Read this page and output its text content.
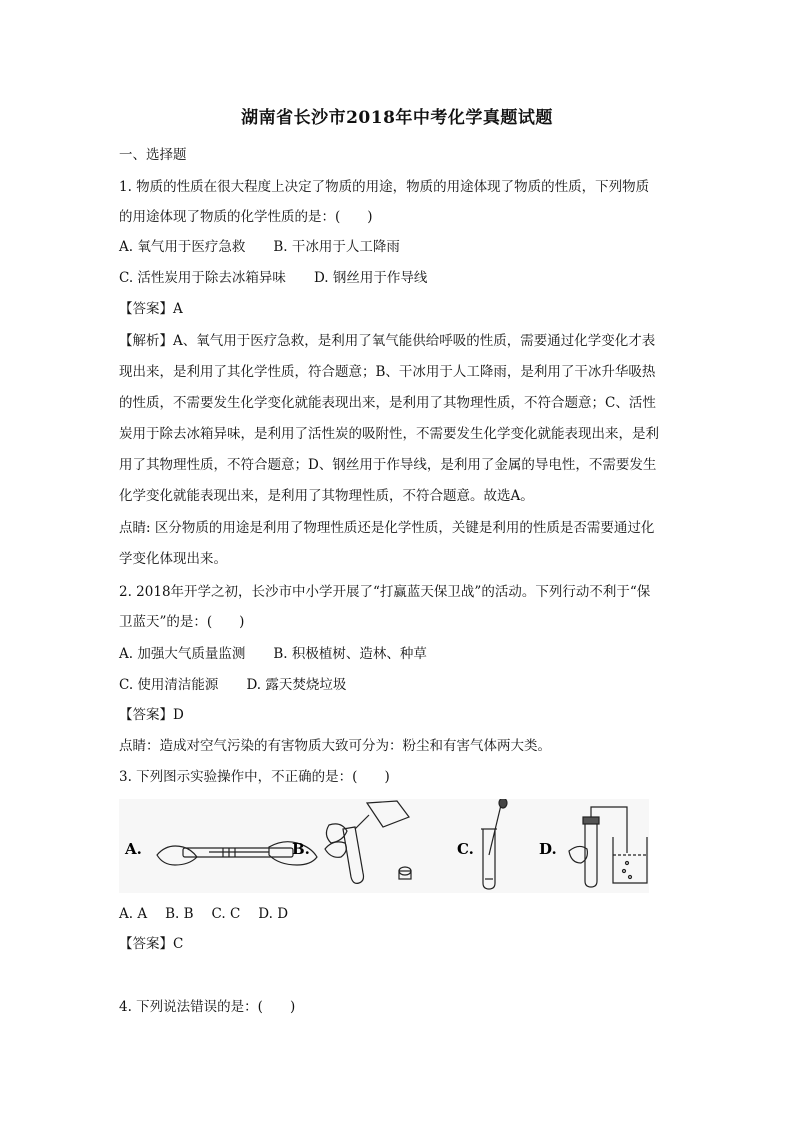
湖南省长沙市2018年中考化学真题试题
一、选择题
1. 物质的性质在很大程度上决定了物质的用途，物质的用途体现了物质的性质，下列物质
的用途体现了物质的化学性质的是：(　　)
A. 氧气用于医疗急救 B. 干冰用于人工降雨
C. 活性炭用于除去冰箱异味 D. 钢丝用于作导线
【答案】A
【解析】A、氧气用于医疗急救，是利用了氧气能供给呼吸的性质，需要通过化学变化才表
现出来，是利用了其化学性质，符合题意；B、干冰用于人工降雨，是利用了干冰升华吸热
的性质，不需要发生化学变化就能表现出来，是利用了其物理性质，不符合题意；C、活性
炭用于除去冰箱异味，是利用了活性炭的吸附性，不需要发生化学变化就能表现出来，是利
用了其物理性质，不符合题意；D、钢丝用于作导线，是利用了金属的导电性，不需要发生
化学变化就能表现出来，是利用了其物理性质，不符合题意。故选A。
点睛: 区分物质的用途是利用了物理性质还是化学性质，关键是利用的性质是否需要通过化
学变化体现出来。
2. 2018年开学之初，长沙市中小学开展了“打赢蓝天保卫战”的活动。下列行动不利于“保
卫蓝天”的是：(　　)
A. 加强大气质量监测 B. 积极植树、造林、种草
C. 使用清洁能源 D. 露天焚烧垃圾
【答案】D
点睛：造成对空气污染的有害物质大致可分为：粉尘和有害气体两大类。
3. 下列图示实验操作中，不正确的是：(　　)
A.	B.	C.	D.
A. A B. B C. C D. D
【答案】C
4. 下列说法错误的是：(　　)
